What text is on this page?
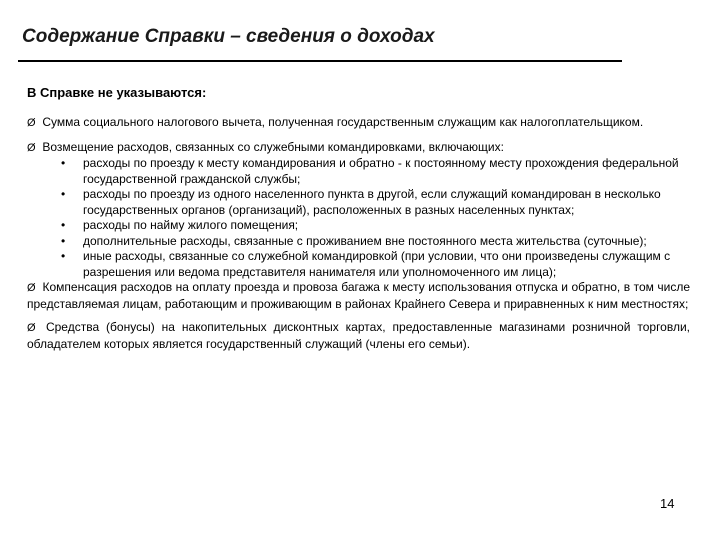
Содержание Справки – сведения о доходах
В Справке не указываются:

Ø Сумма социального налогового вычета, полученная государственным служащим как налогоплательщиком.

Ø Возмещение расходов, связанных со служебными командировками, включающих:

• расходы по проезду к месту командирования и обратно - к постоянному месту прохождения федеральной государственной гражданской службы;
• расходы по проезду из одного населенного пункта в другой, если служащий командирован в несколько государственных органов (организаций), расположенных в разных населенных пунктах;
• расходы по найму жилого помещения;
• дополнительные расходы, связанные с проживанием вне постоянного места жительства (суточные);
• иные расходы, связанные со служебной командировкой (при условии, что они произведены служащим с разрешения или ведома представителя нанимателя или уполномоченного им лица);

Ø Компенсация расходов на оплату проезда и провоза багажа к месту использования отпуска и обратно, в том числе представляемая лицам, работающим и проживающим в районах Крайнего Севера и приравненных к ним местностях;

Ø Средства (бонусы) на накопительных дисконтных картах, предоставленные магазинами розничной торговли, обладателем которых является государственный служащий (члены его семьи).

14
